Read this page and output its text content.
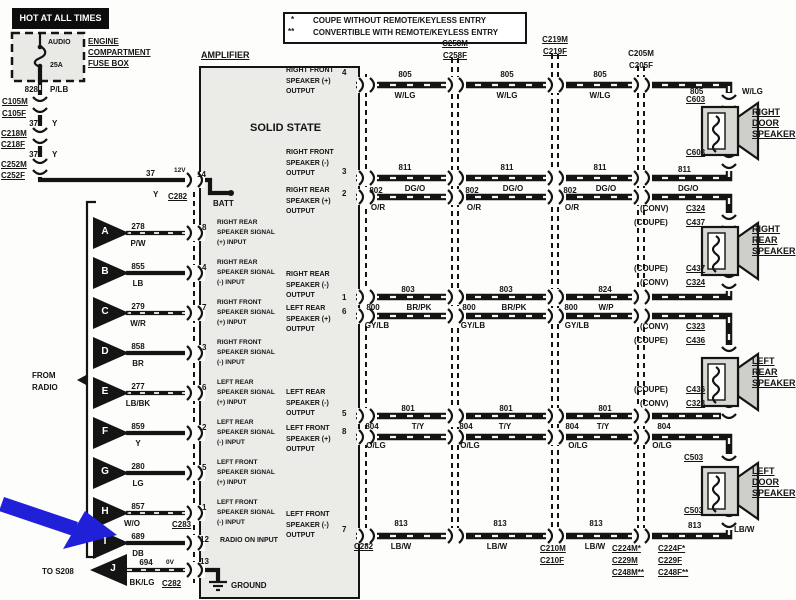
HOT AT ALL TIMES
AUDIO
25A
ENGINE
COMPARTMENT
FUSE BOX
* COUPE WITHOUT REMOTE/KEYLESS ENTRY
** CONVERTIBLE WITH REMOTE/KEYLESS ENTRY
828 P/LB
C105M
C105F
37 Y
C218M
C218F
37 Y
C252M
C252F	37	12V
Y C282
AMPLIFIER
SOLID STATE
14
BATT
8
RIGHT REAR SPEAKER SIGNAL (+) INPUT
4
RIGHT REAR SPEAKER SIGNAL (-) INPUT
7
RIGHT FRONT SPEAKER SIGNAL (+) INPUT
3
RIGHT FRONT SPEAKER SIGNAL (-) INPUT
6
LEFT REAR SPEAKER SIGNAL (+) INPUT
2
LEFT REAR SPEAKER SIGNAL (-) INPUT
5
LEFT FRONT SPEAKER SIGNAL (+) INPUT
1
LEFT FRONT SPEAKER SIGNAL (-) INPUT
12 RADIO ON INPUT
13
GROUND
RIGHT FRONT SPEAKER (+) OUTPUT
4
RIGHT FRONT SPEAKER (-) OUTPUT	3
RIGHT REAR SPEAKER (+) OUTPUT
2
RIGHT REAR SPEAKER (-) OUTPUT	1
LEFT REAR SPEAKER (+) OUTPUT
6
LEFT REAR SPEAKER (-) OUTPUT	5
LEFT FRONT SPEAKER (+) OUTPUT
8
LEFT FRONT SPEAKER (-) OUTPUT
7
FROM RADIO
A
B
C
D
E
F
G
H
I
J
278
P/W
855
LB
279
W/R
858
BR
277
LB/BK
859
Y
280
LG
857
W/O	C283
689
DB
694	0V
BK/LG C282
TO S208
C258M
C258F
C219M
C219F	C205M
C205F
805	805	805
805
W/LG	W/LG	W/LG	W/LG
811	811	811	811
DG/O	DG/O	DG/O	DG/O
802	802	802
O/R	O/R	O/R
803	803	824
BR/PK	BR/PK	W/P
800	800	800
GY/LB	GY/LB	GY/LB
801	801	801
T/Y	T/Y	T/Y
804	804	804	804
O/LG	O/LG	O/LG	O/LG
813	813	813	813
C282	LB/W	LB/W	LB/W
LB/W
C210M
C210F
C224M*
C229M
C248M**
C224F*
C229F
C248F**
RIGHT DOOR SPEAKER
C603
C603
RIGHT REAR SPEAKER
(CONV) C324
(COUPE) C437
(COUPE) C437
(CONV) C324
LEFT REAR SPEAKER
(CONV) C323
(COUPE) C436
(COUPE) C436
(CONV) C323
LEFT DOOR SPEAKER
C503
C503
